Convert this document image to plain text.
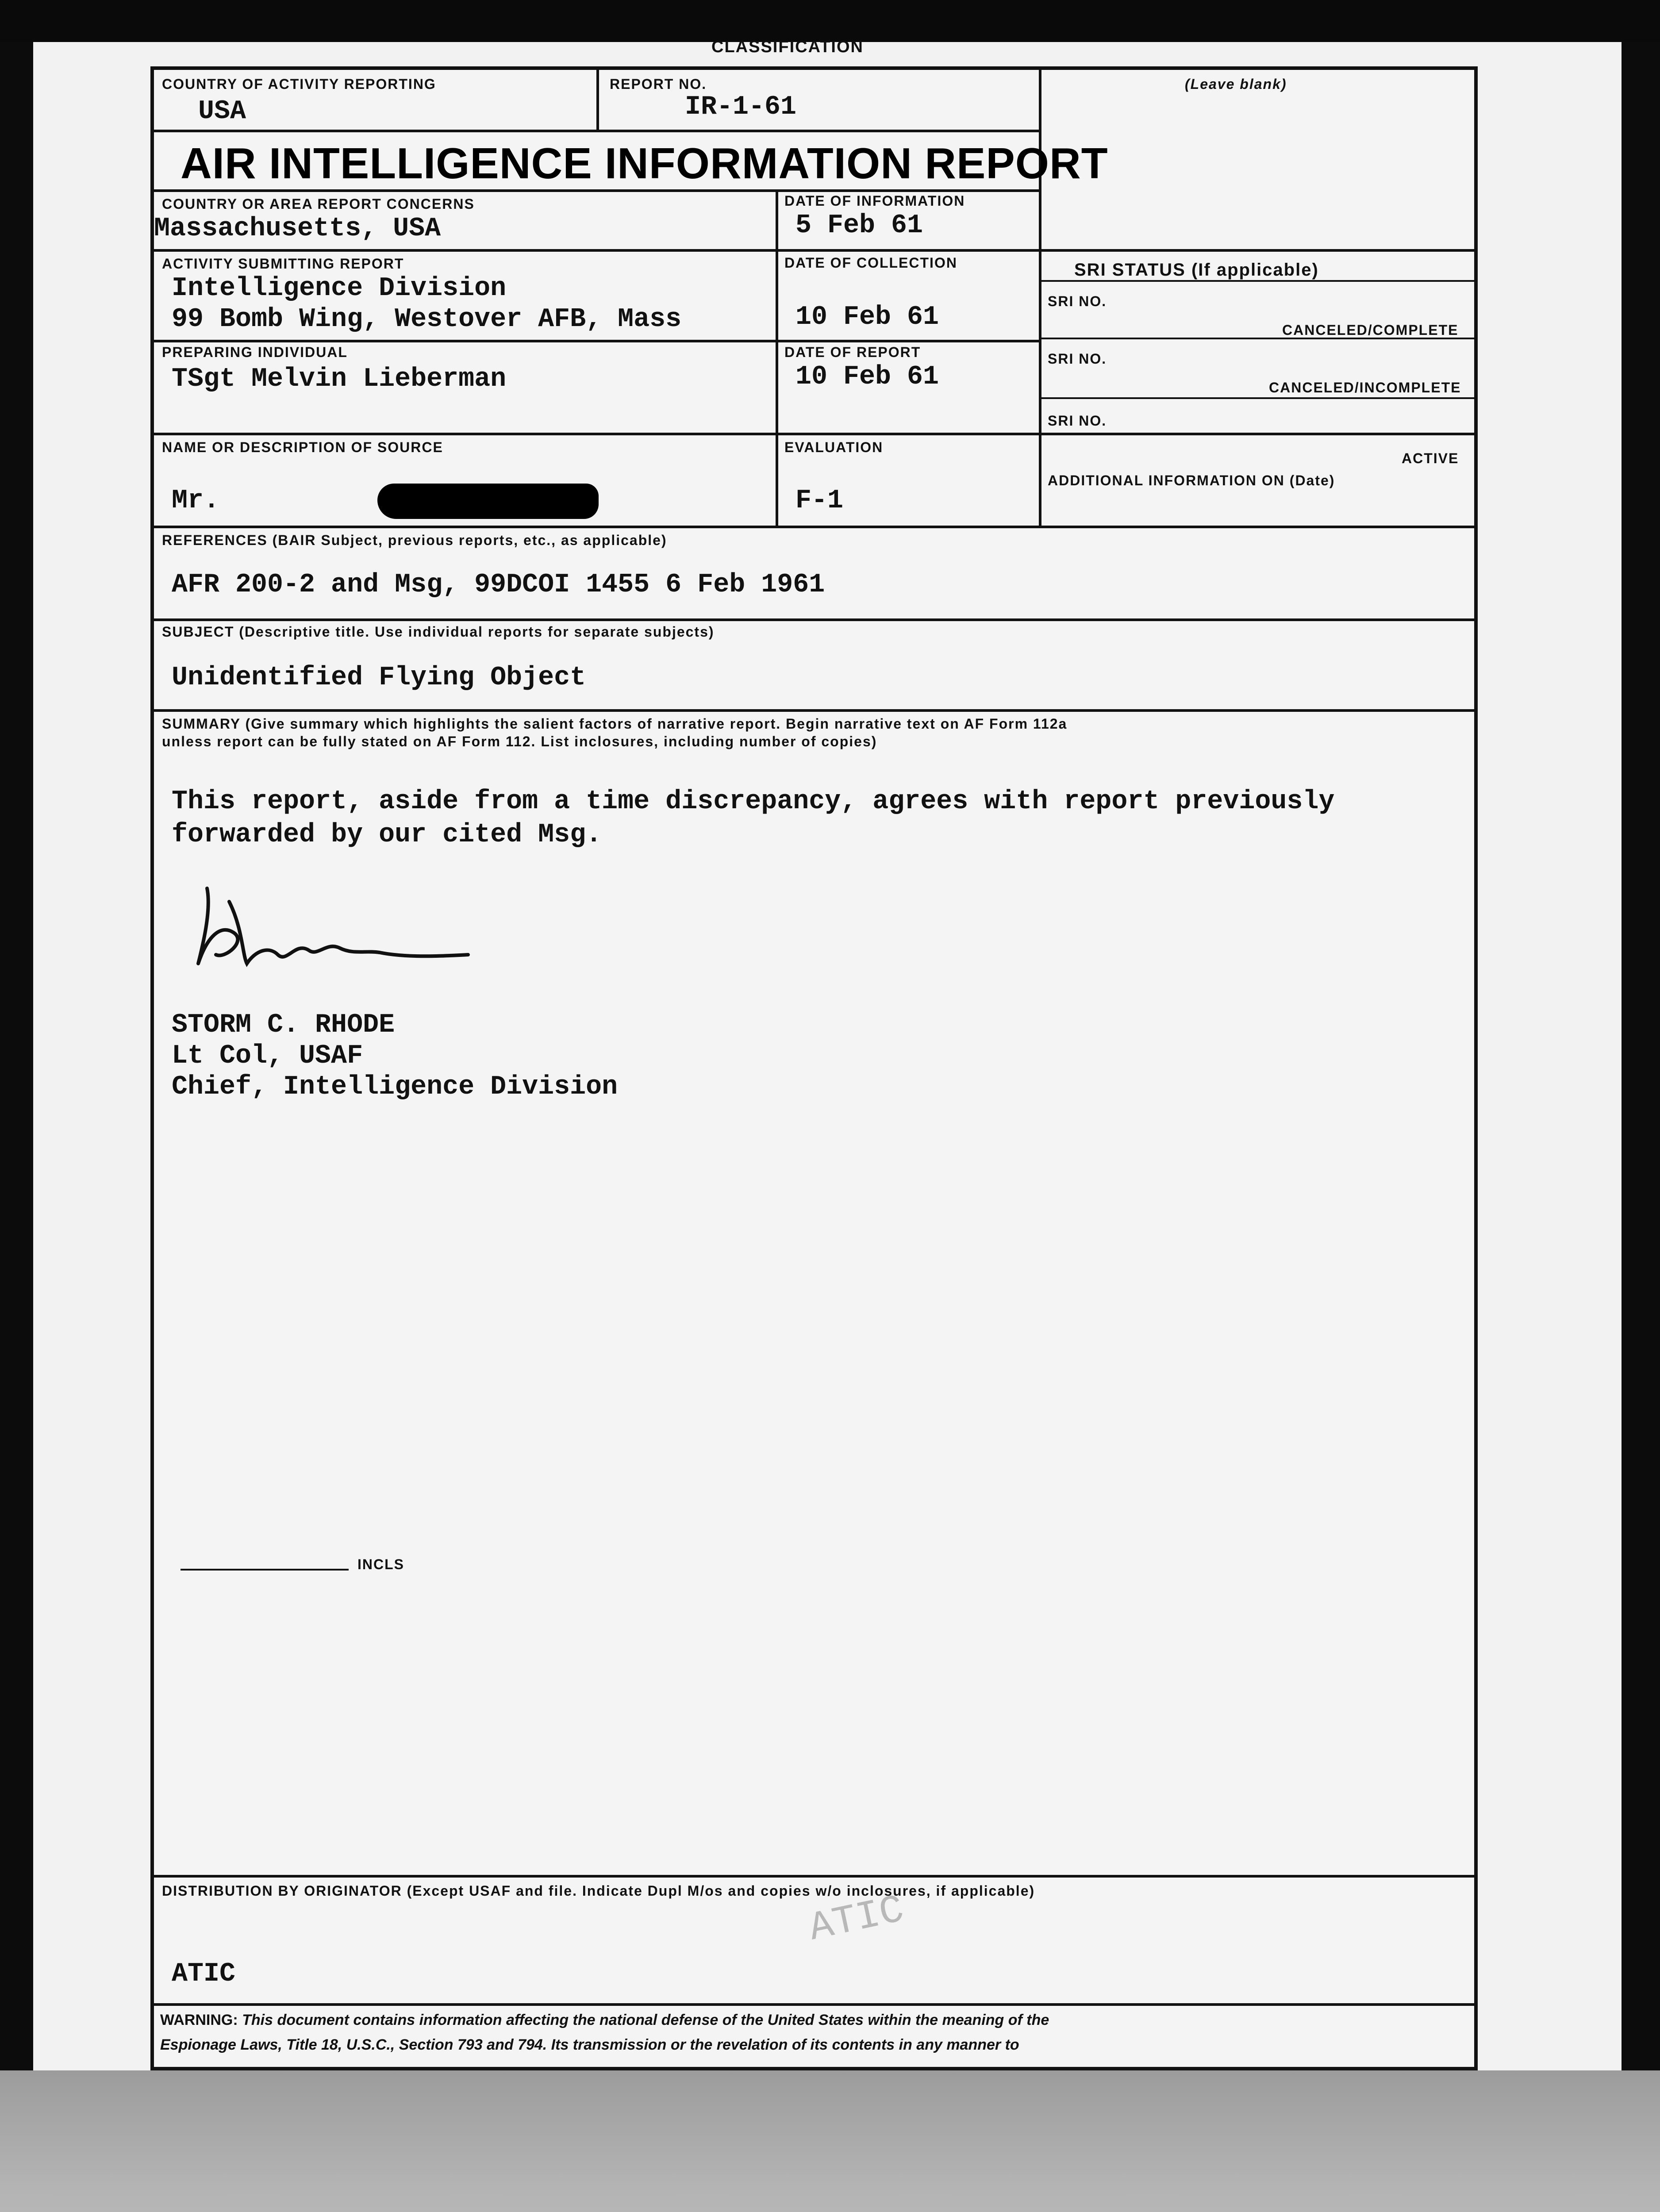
CLASSIFICATION
COUNTRY OF ACTIVITY REPORTING
USA
REPORT NO.
IR-1-61
(Leave blank)
AIR INTELLIGENCE INFORMATION REPORT
COUNTRY OR AREA REPORT CONCERNS
Massachusetts, USA
DATE OF INFORMATION
5 Feb 61
ACTIVITY SUBMITTING REPORT
Intelligence Division
99 Bomb Wing, Westover AFB, Mass
DATE OF COLLECTION
10 Feb 61
SRI STATUS (If applicable)
SRI NO.
CANCELED/COMPLETE
SRI NO.
CANCELED/INCOMPLETE
SRI NO.
ACTIVE
ADDITIONAL INFORMATION ON (Date)
PREPARING INDIVIDUAL
TSgt Melvin Lieberman
DATE OF REPORT
10 Feb 61
NAME OR DESCRIPTION OF SOURCE
Mr.
EVALUATION
F-1
REFERENCES (BAIR Subject, previous reports, etc., as applicable)
AFR 200-2 and Msg, 99DCOI 1455 6 Feb 1961
SUBJECT (Descriptive title. Use individual reports for separate subjects)
Unidentified Flying Object
SUMMARY (Give summary which highlights the salient factors of narrative report. Begin narrative text on AF Form 112a
unless report can be fully stated on AF Form 112. List inclosures, including number of copies)
This report, aside from a time discrepancy, agrees with report previously
forwarded by our cited Msg.
STORM C. RHODE
Lt Col, USAF
Chief, Intelligence Division
INCLS
DISTRIBUTION BY ORIGINATOR (Except USAF and file. Indicate Dupl M/os and copies w/o inclosures, if applicable)
ATIC
ATIC
WARNING: This document contains information affecting the national defense of the United States within the meaning of the
Espionage Laws, Title 18, U.S.C., Section 793 and 794. Its transmission or the revelation of its contents in any manner to
